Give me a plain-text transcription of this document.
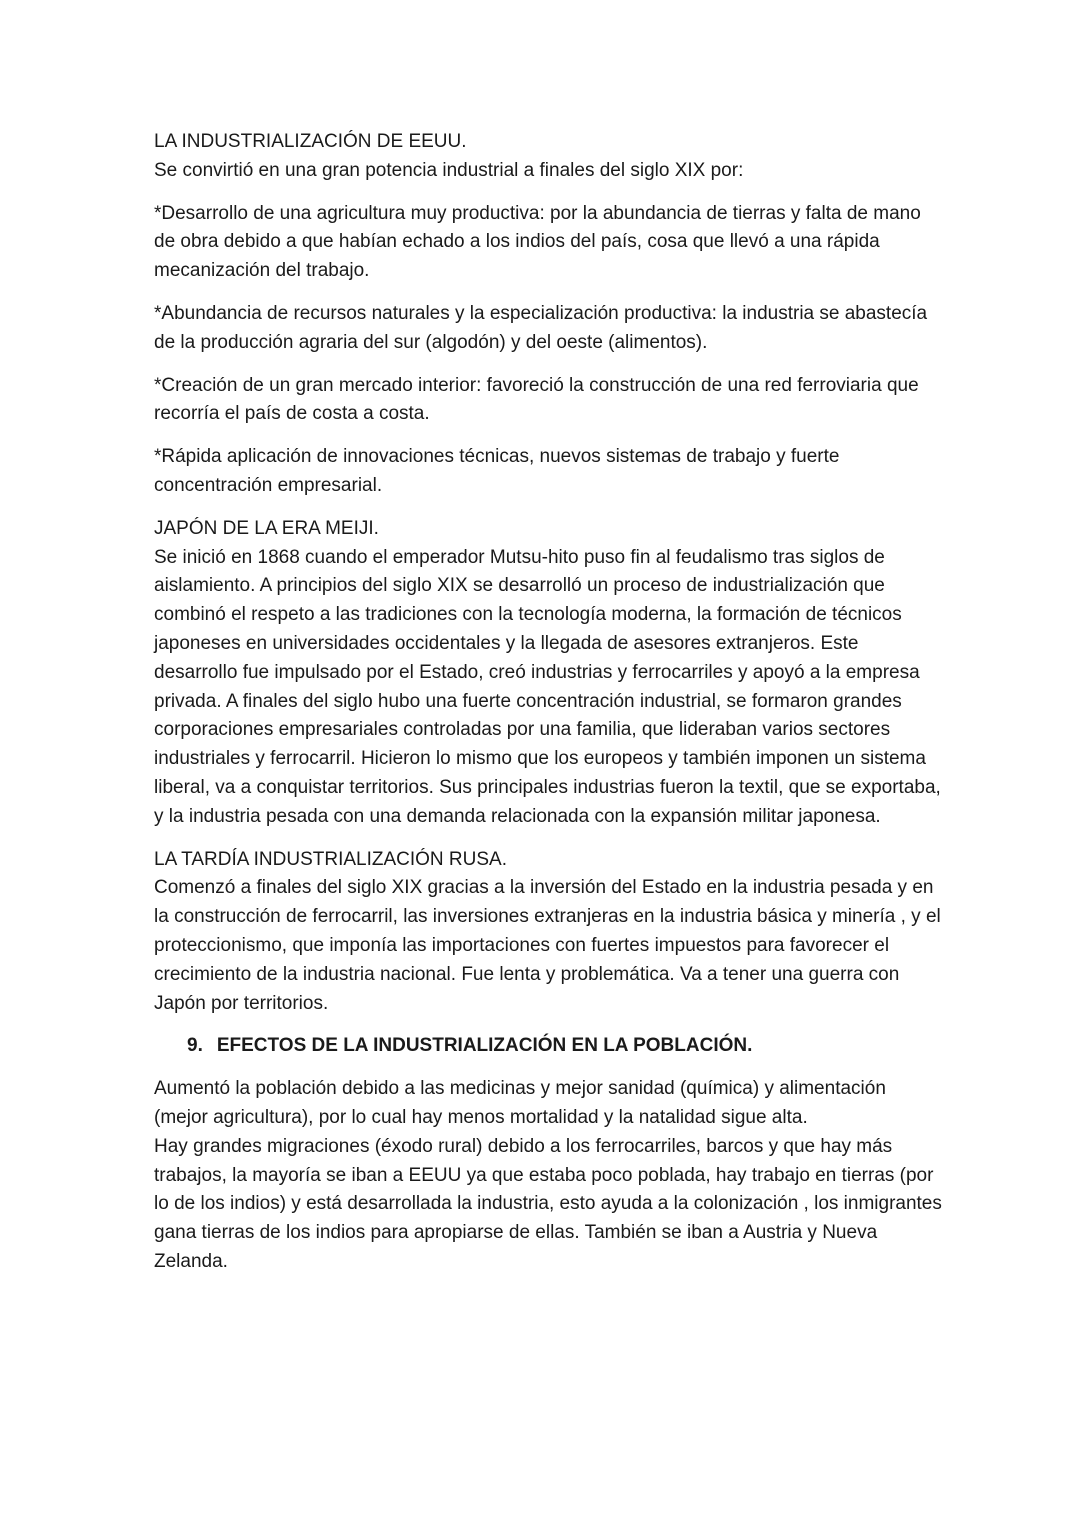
LA INDUSTRIALIZACIÓN DE EEUU.

Se convirtió en una gran potencia industrial a finales del siglo XIX por:

*Desarrollo de una agricultura muy productiva: por la abundancia de tierras y falta de mano de obra debido a que habían echado a los indios del país, cosa que llevó a una rápida mecanización del trabajo.

*Abundancia de recursos naturales y la especialización productiva: la industria se abastecía de la producción agraria del sur (algodón) y del oeste (alimentos).

*Creación de un gran mercado interior: favoreció la construcción de una red ferroviaria que recorría el país de costa a costa.

*Rápida aplicación de innovaciones técnicas, nuevos sistemas de trabajo y fuerte concentración empresarial.

JAPÓN DE LA ERA MEIJI.

Se inició en 1868 cuando el emperador Mutsu-hito puso fin al feudalismo tras siglos de aislamiento. A principios del siglo XIX se desarrolló un proceso de industrialización que combinó el respeto a las tradiciones con la tecnología moderna, la formación de técnicos japoneses en universidades occidentales y la llegada de asesores extranjeros. Este desarrollo fue impulsado por el Estado, creó industrias y ferrocarriles y apoyó a la empresa privada. A finales del siglo hubo una fuerte concentración industrial, se formaron grandes corporaciones empresariales controladas por una familia, que lideraban varios sectores industriales y ferrocarril. Hicieron lo mismo que los europeos y también imponen un sistema liberal, va a conquistar territorios. Sus principales industrias fueron la textil, que se exportaba, y la industria pesada con una demanda relacionada con la expansión militar japonesa.

LA TARDÍA INDUSTRIALIZACIÓN RUSA.

Comenzó a finales del siglo XIX gracias a la inversión del Estado en la industria pesada y en la construcción de ferrocarril, las inversiones extranjeras en la industria básica y minería , y el proteccionismo, que imponía las importaciones con fuertes impuestos para favorecer el crecimiento de la industria nacional. Fue lenta y problemática. Va a tener una guerra con Japón por territorios.

9. EFECTOS DE LA INDUSTRIALIZACIÓN EN LA POBLACIÓN.

Aumentó la población debido a las medicinas y mejor sanidad (química) y alimentación (mejor agricultura), por lo cual hay menos mortalidad y la natalidad sigue alta.

Hay grandes migraciones (éxodo rural) debido a los ferrocarriles, barcos y que hay más trabajos, la mayoría se iban a EEUU ya que estaba poco poblada, hay trabajo en tierras (por lo de los indios) y está desarrollada la industria, esto ayuda a la colonización , los inmigrantes gana tierras de los indios para apropiarse de ellas. También se iban a Austria y Nueva Zelanda.
